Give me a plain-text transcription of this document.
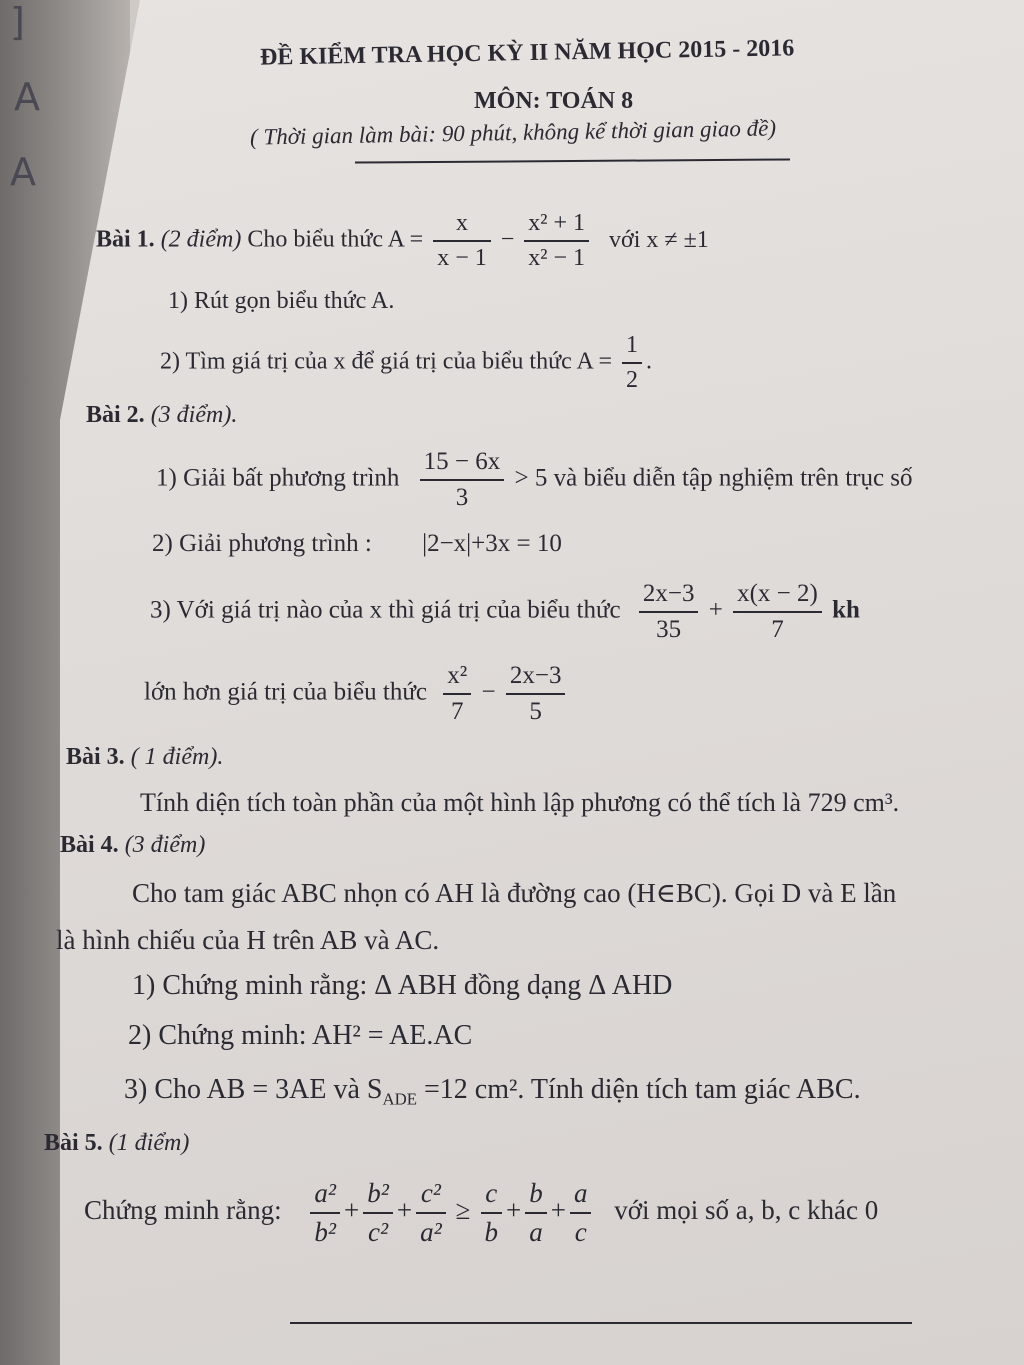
]
A
A
ĐỀ KIỂM TRA HỌC KỲ II NĂM HỌC 2015 - 2016
MÔN: TOÁN 8
( Thời gian làm bài: 90 phút, không kể thời gian giao đề)
Bài 1. (2 điểm) Cho biểu thức $A = \frac{x}{x - 1} - \frac{\text{x² + 1}}{\text{x² − 1}}$ với x ≠ ±1
1) Rút gọn biểu thức A.
2) Tìm giá trị của x để giá trị của biểu thức $A = \frac{1}{2}$ .
Bài 2. (3 điểm).
1) Giải bất phương trình $\frac{15 - 6x}{3} > 5$ và biểu diễn tập nghiệm trên trục số
2) Giải phương trình : |2−x|+3x = 10
3) Với giá trị nào của x thì giá trị của biểu thức $\frac{2x-3}{35} + \frac{x(x - 2)}{7}$ kh
lớn hơn giá trị của biểu thức $\frac{\text{x²}}{7} - \frac{2x-3}{5}$
Bài 3. ( 1 điểm).
Tính diện tích toàn phần của một hình lập phương có thể tích là 729 cm³.
Bài 4. (3 điểm)
Cho tam giác ABC nhọn có AH là đường cao (H∈BC). Gọi D và E lần
là hình chiếu của H trên AB và AC.
1) Chứng minh rằng: Δ ABH đồng dạng Δ AHD
2) Chứng minh: AH² = AE.AC
3) Cho AB = 3AE và $S_{ADE} =12$ cm². Tính diện tích tam giác ABC.
Bài 5. (1 điểm)
Chứng minh rằng: $\frac{\text{a²}}{\text{b²}} + \frac{\text{b²}}{\text{c²}} + \frac{\text{c²}}{\text{a²}} \ge \frac{c}{b} + \frac{b}{a} + \frac{a}{c}$ với mọi số a, b, c khác 0
